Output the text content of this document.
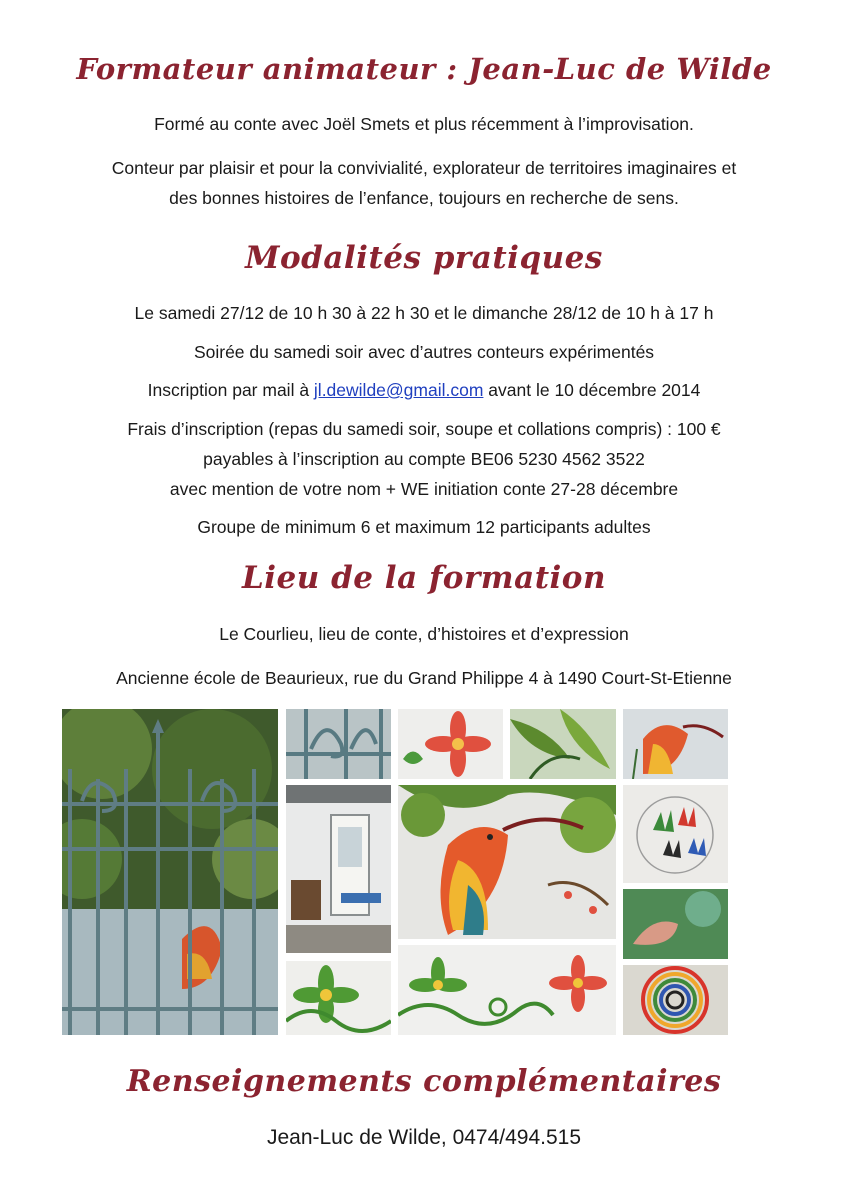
Formateur animateur : Jean-Luc de Wilde
Formé au conte avec Joël Smets et plus récemment à l’improvisation.
Conteur par plaisir et pour la convivialité, explorateur de territoires imaginaires et
des bonnes histoires de l’enfance, toujours en recherche de sens.
Modalités pratiques
Le samedi 27/12 de 10 h 30 à 22 h 30 et le dimanche 28/12 de 10 h à 17 h
Soirée du samedi soir avec d’autres conteurs expérimentés
Inscription par mail à jl.dewilde@gmail.com avant le 10 décembre 2014
Frais d’inscription (repas du samedi soir, soupe et collations compris) : 100 €
payables à l’inscription au compte BE06 5230 4562 3522
avec mention de votre nom + WE initiation conte 27-28 décembre
Groupe de minimum 6 et maximum 12 participants adultes
Lieu de la formation
Le Courlieu, lieu de conte, d’histoires et d’expression
Ancienne école de Beaurieux, rue du Grand Philippe 4 à 1490 Court-St-Etienne
Renseignements complémentaires
Jean-Luc de Wilde, 0474/494.515
